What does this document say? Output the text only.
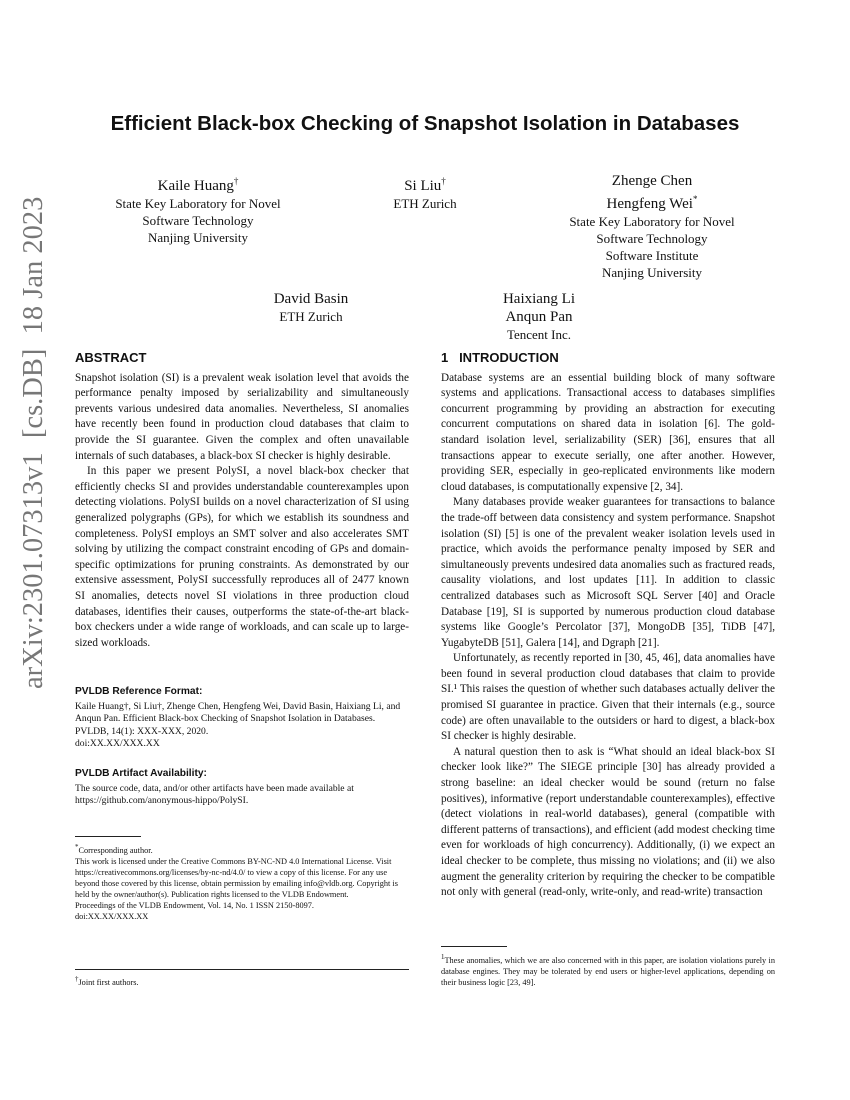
arXiv:2301.07313v1  [cs.DB]  18 Jan 2023
Efficient Black-box Checking of Snapshot Isolation in Databases
Kaile Huang†
State Key Laboratory for Novel
Software Technology
Nanjing University
Si Liu†
ETH Zurich
Zhenge Chen
Hengfeng Wei*
State Key Laboratory for Novel
Software Technology
Software Institute
Nanjing University
David Basin
ETH Zurich
Haixiang Li
Anqun Pan
Tencent Inc.
ABSTRACT

Snapshot isolation (SI) is a prevalent weak isolation level that avoids the performance penalty imposed by serializability and simultaneously prevents various undesired data anomalies. Nevertheless, SI anomalies have recently been found in production cloud databases that claim to provide the SI guarantee. Given the complex and often unavailable internals of such databases, a black-box SI checker is highly desirable.

In this paper we present PolySI, a novel black-box checker that efficiently checks SI and provides understandable counterexamples upon detecting violations. PolySI builds on a novel characterization of SI using generalized polygraphs (GPs), for which we establish its soundness and completeness. PolySI employs an SMT solver and also accelerates SMT solving by utilizing the compact constraint encoding of GPs and domain-specific optimizations for pruning constraints. As demonstrated by our extensive assessment, PolySI successfully reproduces all of 2477 known SI anomalies, detects novel SI violations in three production cloud databases, identifies their causes, outperforms the state-of-the-art black-box checkers under a wide range of workloads, and can scale up to large-sized workloads.

PVLDB Reference Format:
Kaile Huang†, Si Liu†, Zhenge Chen, Hengfeng Wei, David Basin, Haixiang Li, and Anqun Pan. Efficient Black-box Checking of Snapshot Isolation in Databases. PVLDB, 14(1): XXX-XXX, 2020.
doi:XX.XX/XXX.XX
PVLDB Artifact Availability:
The source code, data, and/or other artifacts have been made available at https://github.com/anonymous-hippo/PolySI.
*Corresponding author.
This work is licensed under the Creative Commons BY-NC-ND 4.0 International License. Visit https://creativecommons.org/licenses/by-nc-nd/4.0/ to view a copy of this license. For any use beyond those covered by this license, obtain permission by emailing info@vldb.org. Copyright is held by the owner/author(s). Publication rights licensed to the VLDB Endowment.
Proceedings of the VLDB Endowment, Vol. 14, No. 1 ISSN 2150-8097.
doi:XX.XX/XXX.XX
†Joint first authors.
1   INTRODUCTION

Database systems are an essential building block of many software systems and applications. Transactional access to databases simplifies concurrent programming by providing an abstraction for executing concurrent computations on shared data in isolation [6]. The gold-standard isolation level, serializability (SER) [36], ensures that all transactions appear to execute serially, one after another. However, providing SER, especially in geo-replicated environments like modern cloud databases, is computationally expensive [2, 34].

Many databases provide weaker guarantees for transactions to balance the trade-off between data consistency and system performance. Snapshot isolation (SI) [5] is one of the prevalent weaker isolation levels used in practice, which avoids the performance penalty imposed by SER and simultaneously prevents undesired data anomalies such as fractured reads, causality violations, and lost updates [11]. In addition to classic centralized databases such as Microsoft SQL Server [40] and Oracle Database [19], SI is supported by numerous production cloud database systems like Google’s Percolator [37], MongoDB [35], TiDB [47], YugabyteDB [51], Galera [14], and Dgraph [21].

Unfortunately, as recently reported in [30, 45, 46], data anomalies have been found in several production cloud databases that claim to provide SI.¹ This raises the question of whether such databases actually deliver the promised SI guarantee in practice. Given that their internals (e.g., source code) are often unavailable to the outsiders or hard to digest, a black-box SI checker is highly desirable.

A natural question then to ask is “What should an ideal black-box SI checker look like?” The SIEGE principle [30] has already provided a strong baseline: an ideal checker would be sound (return no false positives), informative (report understandable counterexamples), effective (detect violations in real-world databases), general (compatible with different patterns of transactions), and efficient (add modest checking time even for workloads of high concurrency). Additionally, (i) we expect an ideal checker to be complete, thus missing no violations; and (ii) we also augment the generality criterion by requiring the checker to be compatible not only with general (read-only, write-only, and read-write) transaction

$^1$These anomalies, which we are also concerned with in this paper, are isolation violations purely in database engines. They may be tolerated by end users or higher-level applications, depending on their business logic [23, 49].
